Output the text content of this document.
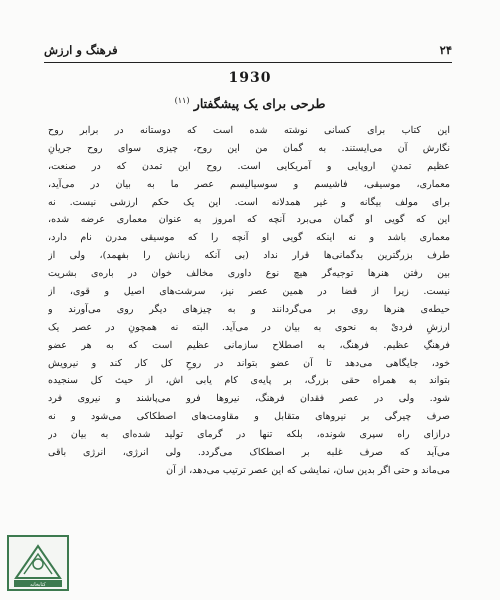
۲۴
فرهنگ و ارزش
1930
طرحی برای یک پیشگفتار $^{(۱۱)}$
این کتاب برای کسانی نوشته شده است که دوستانه در برابر روح
نگارش آن می‌ایستند. به گمان من این روح، چیزی سوای روح جریانِ
عظیم تمدنِ اروپایی و آمریکایی است. روح این تمدن که در صنعت،
معماری، موسیقی، فاشیسم و سوسیالیسم عصر ما به بیان در می‌آید،
برای مولف بیگانه و غیر همدلانه است. این یک حکم ارزشی نیست. نه
این که گویی او گمان می‌برد آنچه که امروز به عنوان معماری عرضه شده،
معماری باشد و نه اینکه گویی او آنچه را که موسیقی مدرن نام دارد،
طرف بزرگترین بدگمانی‌ها قرار نداد (بی آنکه زبانش را بفهمد)، ولی از
بین رفتن هنرها توجیه‌گر هیچ نوع داوری مخالف خوان در باره‌ی بشریت
نیست. زیرا از قضا در همین عصر نیز، سرشت‌های اصیل و قوی، از
حیطه‌ی هنرها روی بر می‌گردانند و به چیزهای دیگر روی می‌آورند و
ارزشِ فردیْ به نحوی به بیان در می‌آید. البته نه همچونِ در عصر یک
فرهنگِ عظیم. فرهنگ، به اصطلاح سازمانی عظیم است که به هر عضو
خود، جایگاهی می‌دهد تا آن عضو بتواند در روحِ کل کار کند و نیرویش
بتواند به همراه حقی بزرگ، بر پایه‌ی کام یابی اش، از حیث کل سنجیده
شود. ولی در عصر فقدان فرهنگ، نیروها فرو می‌پاشند و نیروی فرد
صرف چیرگی بر نیروهای متقابل و مقاومت‌های اصطکاکی می‌شود و نه
درازای راه سپری شونده، بلکه تنها در گرمای تولید شده‌ای به بیان در
می‌آید که صرف غلبه بر اصطکاک می‌گردد. ولی انرژی، انرژی باقی
می‌ماند و حتی اگر بدین سان، نمایشی که این عصر ترتیب می‌دهد، از آن
کتابخانه
